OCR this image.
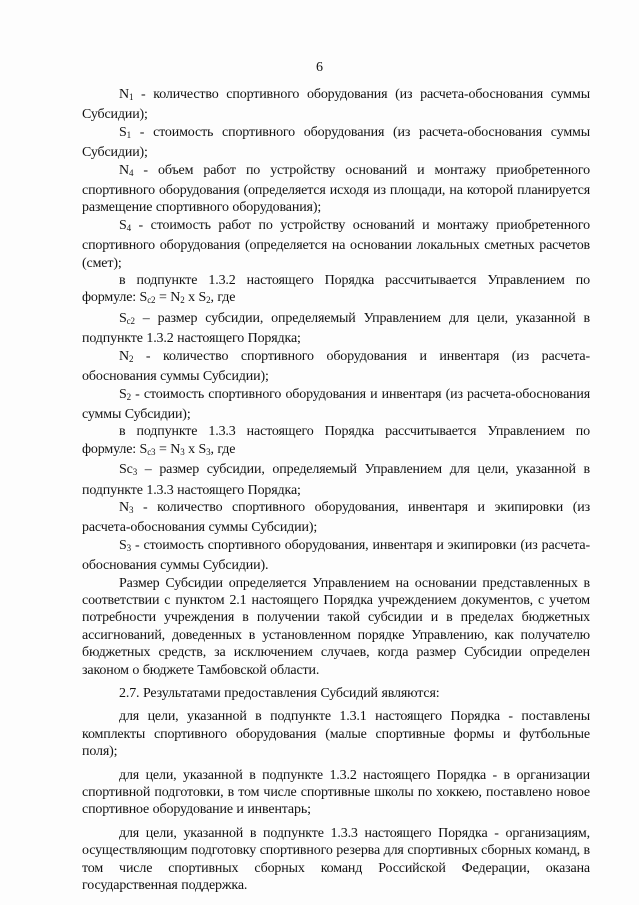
6

$N_1$ - количество спортивного оборудования (из расчета-обоснования суммы Субсидии);

$S_1$ - стоимость спортивного оборудования (из расчета-обоснования суммы Субсидии);

$N_4$ - объем работ по устройству оснований и монтажу приобретенного спортивного оборудования (определяется исходя из площади, на которой планируется размещение спортивного оборудования);

$S_4$ - стоимость работ по устройству оснований и монтажу приобретенного спортивного оборудования (определяется на основании локальных сметных расчетов (смет);

в подпункте 1.3.2 настоящего Порядка рассчитывается Управлением по формуле: $S_{c2} = N_2$ x $S_2$, где

$S_{c2}$ – размер субсидии, определяемый Управлением для цели, указанной в подпункте 1.3.2 настоящего Порядка;

$N_2$ - количество спортивного оборудования и инвентаря (из расчета-обоснования суммы Субсидии);

$S_2$ - стоимость спортивного оборудования и инвентаря (из расчета-обоснования суммы Субсидии);

в подпункте 1.3.3 настоящего Порядка рассчитывается Управлением по формуле: $S_{c3} = N_3$ x $S_3$, где

$Sc_3$ – размер субсидии, определяемый Управлением для цели, указанной в подпункте 1.3.3 настоящего Порядка;

$N_3$ - количество спортивного оборудования, инвентаря и экипировки (из расчета-обоснования суммы Субсидии);

$S_3$ - стоимость спортивного оборудования, инвентаря и экипировки (из расчета-обоснования суммы Субсидии).

Размер Субсидии определяется Управлением на основании представленных в соответствии с пунктом 2.1 настоящего Порядка учреждением документов, с учетом потребности учреждения в получении такой субсидии и в пределах бюджетных ассигнований, доведенных в установленном порядке Управлению, как получателю бюджетных средств, за исключением случаев, когда размер Субсидии определен законом о бюджете Тамбовской области.

2.7. Результатами предоставления Субсидий являются:

для цели, указанной в подпункте 1.3.1 настоящего Порядка - поставлены комплекты спортивного оборудования (малые спортивные формы и футбольные поля);

для цели, указанной в подпункте 1.3.2 настоящего Порядка - в организации спортивной подготовки, в том числе спортивные школы по хоккею, поставлено новое спортивное оборудование и инвентарь;

для цели, указанной в подпункте 1.3.3 настоящего Порядка - организациям, осуществляющим подготовку спортивного резерва для спортивных сборных команд, в том числе спортивных сборных команд Российской Федерации, оказана государственная поддержка.
